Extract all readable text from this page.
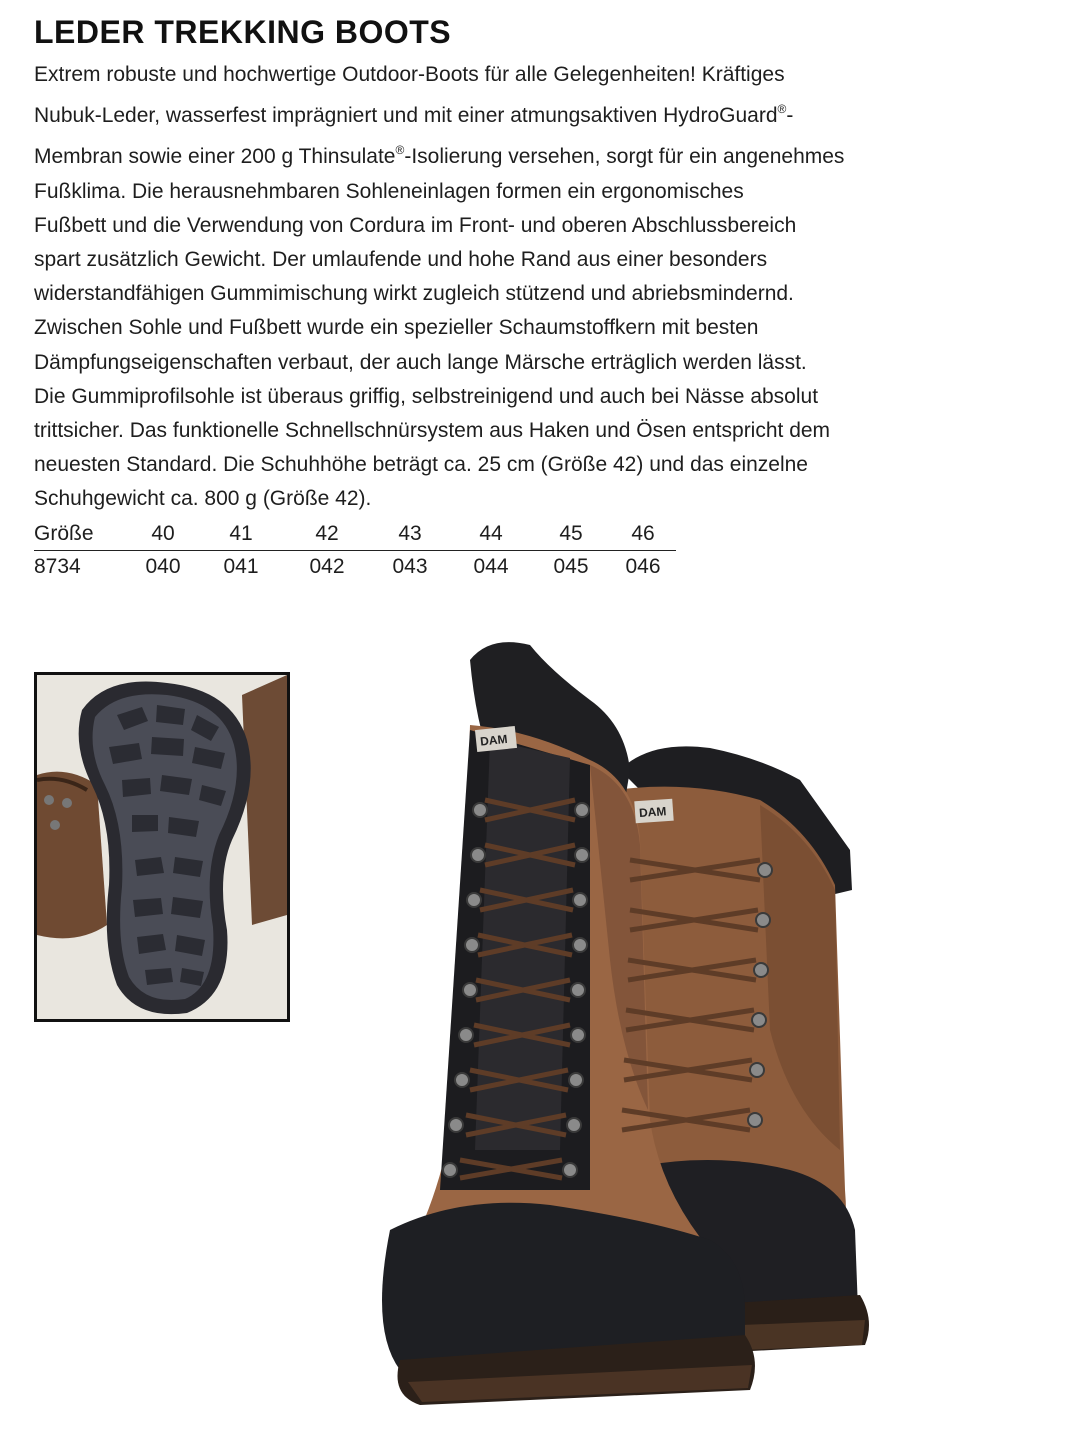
LEDER TREKKING BOOTS
Extrem robuste und hochwertige Outdoor-Boots für alle Gelegenheiten! Kräftiges
Nubuk-Leder, wasserfest imprägniert und mit einer atmungsaktiven HydroGuard®-
Membran sowie einer 200 g Thinsulate®-Isolierung versehen, sorgt für ein angenehmes
Fußklima. Die herausnehmbaren Sohleneinlagen formen ein ergonomisches
Fußbett und die Verwendung von Cordura im Front- und oberen Abschlussbereich
spart zusätzlich Gewicht. Der umlaufende und hohe Rand aus einer besonders
widerstandfähigen Gummimischung wirkt zugleich stützend und abriebsmindernd.
Zwischen Sohle und Fußbett wurde ein spezieller Schaumstoffkern mit besten
Dämpfungseigenschaften verbaut, der auch lange Märsche erträglich werden lässt.
Die Gummiprofilsohle ist überaus griffig, selbstreinigend und auch bei Nässe absolut
trittsicher. Das funktionelle Schnellschnürsystem aus Haken und Ösen entspricht dem
neuesten Standard. Die Schuhhöhe beträgt ca. 25 cm (Größe 42) und das einzelne
Schuhgewicht ca. 800 g (Größe 42).
Größe	40	41	42	43	44	45	46
8734	040	041	042	043	044	045	046
DAM
DAM
